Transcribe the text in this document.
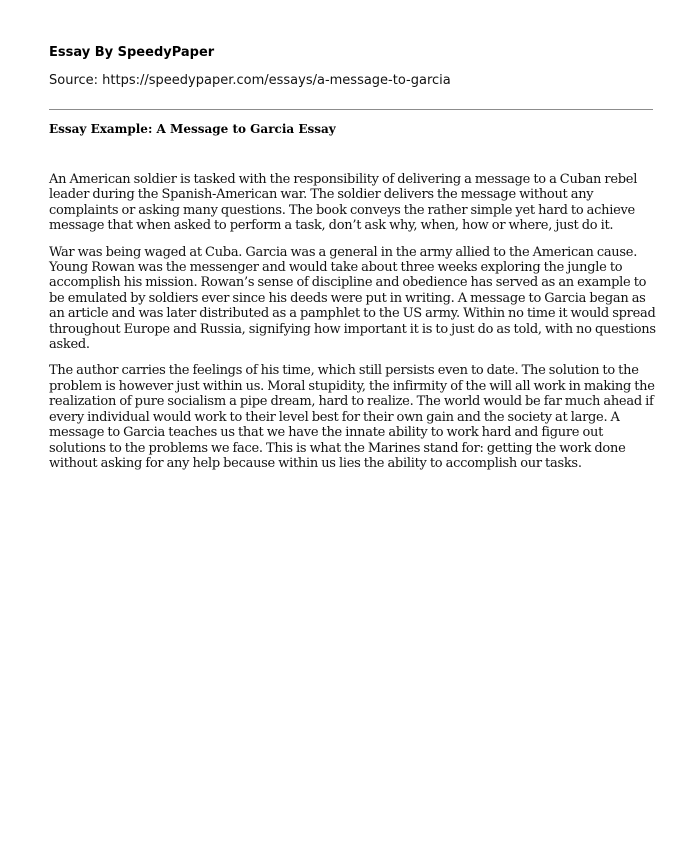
Essay By SpeedyPaper
Source: https://speedypaper.com/essays/a-message-to-garcia
Essay Example: A Message to Garcia Essay

An American soldier is tasked with the responsibility of delivering a message to a Cuban rebel leader during the Spanish-American war. The soldier delivers the message without any complaints or asking many questions. The book conveys the rather simple yet hard to achieve message that when asked to perform a task, don’t ask why, when, how or where, just do it.

War was being waged at Cuba. Garcia was a general in the army allied to the American cause. Young Rowan was the messenger and would take about three weeks exploring the jungle to accomplish his mission. Rowan’s sense of discipline and obedience has served as an example to be emulated by soldiers ever since his deeds were put in writing. A message to Garcia began as an article and was later distributed as a pamphlet to the US army. Within no time it would spread throughout Europe and Russia, signifying how important it is to just do as told, with no questions asked.

The author carries the feelings of his time, which still persists even to date. The solution to the problem is however just within us. Moral stupidity, the infirmity of the will all work in making the realization of pure socialism a pipe dream, hard to realize. The world would be far much ahead if every individual would work to their level best for their own gain and the society at large. A message to Garcia teaches us that we have the innate ability to work hard and figure out solutions to the problems we face. This is what the Marines stand for: getting the work done without asking for any help because within us lies the ability to accomplish our tasks.
